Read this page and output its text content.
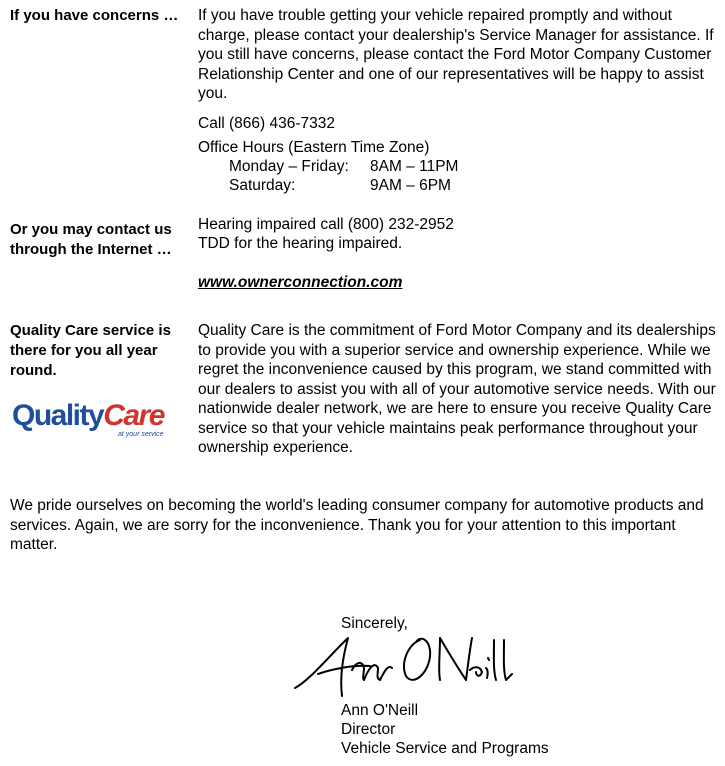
If you have concerns …	If you have trouble getting your vehicle repaired promptly and without charge, please contact your dealership's Service Manager for assistance. If you still have concerns, please contact the Ford Motor Company Customer Relationship Center and one of our representatives will be happy to assist you.
Call (866) 436-7332
Office Hours (Eastern Time Zone)
Monday – Friday:	8AM – 11PM
Saturday:	9AM – 6PM
Or you may contact us through the Internet …
Hearing impaired call (800) 232-2952
TDD for the hearing impaired.
www.ownerconnection.com
Quality Care service is there for you all year round.
QualityCare
at your service
Quality Care is the commitment of Ford Motor Company and its dealerships to provide you with a superior service and ownership experience. While we regret the inconvenience caused by this program, we stand committed with our dealers to assist you with all of your automotive service needs. With our nationwide dealer network, we are here to ensure you receive Quality Care service so that your vehicle maintains peak performance throughout your ownership experience.
We pride ourselves on becoming the world's leading consumer company for automotive products and services. Again, we are sorry for the inconvenience. Thank you for your attention to this important matter.
Sincerely,
Ann O'Neill
Director
Vehicle Service and Programs
